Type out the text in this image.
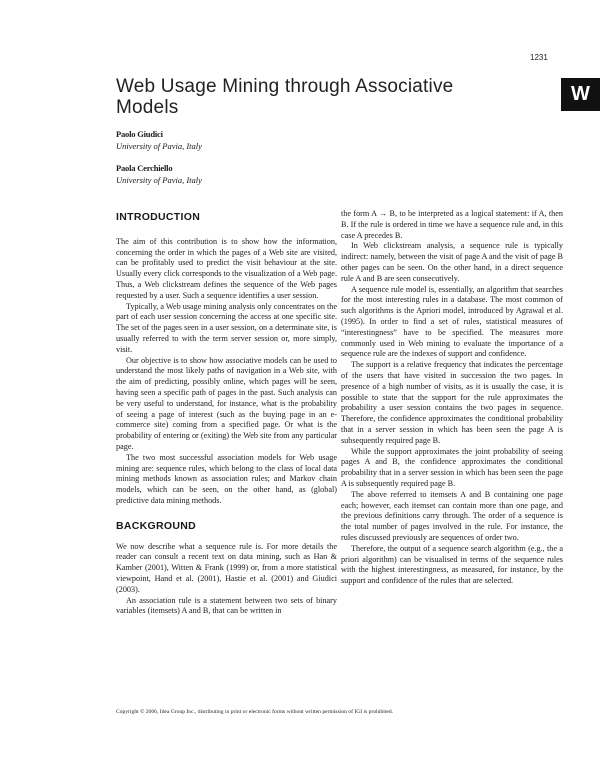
1231
W
Web Usage Mining through Associative Models
Paolo Giudici
University of Pavia, Italy
Paola Cerchiello
University of Pavia, Italy
INTRODUCTION

The aim of this contribution is to show how the information, concerning the order in which the pages of a Web site are visited, can be profitably used to predict the visit behaviour at the site. Usually every click corresponds to the visualization of a Web page. Thus, a Web clickstream defines the sequence of the Web pages requested by a user. Such a sequence identifies a user session.

Typically, a Web usage mining analysis only concentrates on the part of each user session concerning the access at one specific site. The set of the pages seen in a user session, on a determinate site, is usually referred to with the term server session or, more simply, visit.

Our objective is to show how associative models can be used to understand the most likely paths of navigation in a Web site, with the aim of predicting, possibly online, which pages will be seen, having seen a specific path of pages in the past. Such analysis can be very useful to understand, for instance, what is the probability of seeing a page of interest (such as the buying page in an e-commerce site) coming from a specified page. Or what is the probability of entering or (exiting) the Web site from any particular page.

The two most successful association models for Web usage mining are: sequence rules, which belong to the class of local data mining methods known as association rules; and Markov chain models, which can be seen, on the other hand, as (global) predictive data mining methods.

BACKGROUND

We now describe what a sequence rule is. For more details the reader can consult a recent text on data mining, such as Han & Kamber (2001), Witten & Frank (1999) or, from a more statistical viewpoint, Hand et al. (2001), Hastie et al. (2001) and Giudici (2003).

An association rule is a statement between two sets of binary variables (itemsets) A and B, that can be written in

the form A → B, to be interpreted as a logical statement: if A, then B. If the rule is ordered in time we have a sequence rule and, in this case A precedes B.

In Web clickstream analysis, a sequence rule is typically indirect: namely, between the visit of page A and the visit of page B other pages can be seen. On the other hand, in a direct sequence rule A and B are seen consecutively.

A sequence rule model is, essentially, an algorithm that searches for the most interesting rules in a database. The most common of such algorithms is the Apriori model, introduced by Agrawal et al. (1995). In order to find a set of rules, statistical measures of “interestingness” have to be specified. The measures more commonly used in Web mining to evaluate the importance of a sequence rule are the indexes of support and confidence.

The support is a relative frequency that indicates the percentage of the users that have visited in succession the two pages. In presence of a high number of visits, as it is usually the case, it is possible to state that the support for the rule approximates the probability a user session contains the two pages in sequence. Therefore, the confidence approximates the conditional probability that in a server session in which has been seen the page A is subsequently required page B.

While the support approximates the joint probability of seeing pages A and B, the confidence approximates the conditional probability that in a server session in which has been seen the page A is subsequently required page B.

The above referred to itemsets A and B containing one page each; however, each itemset can contain more than one page, and the previous definitions carry through. The order of a sequence is the total number of pages involved in the rule. For instance, the rules discussed previously are sequences of order two.

Therefore, the output of a sequence search algorithm (e.g., the a priori algorithm) can be visualised in terms of the sequence rules with the highest interestingness, as measured, for instance, by the support and confidence of the rules that are selected.

Copyright © 2006, Idea Group Inc., distributing in print or electronic forms without written permission of IGI is prohibited.
